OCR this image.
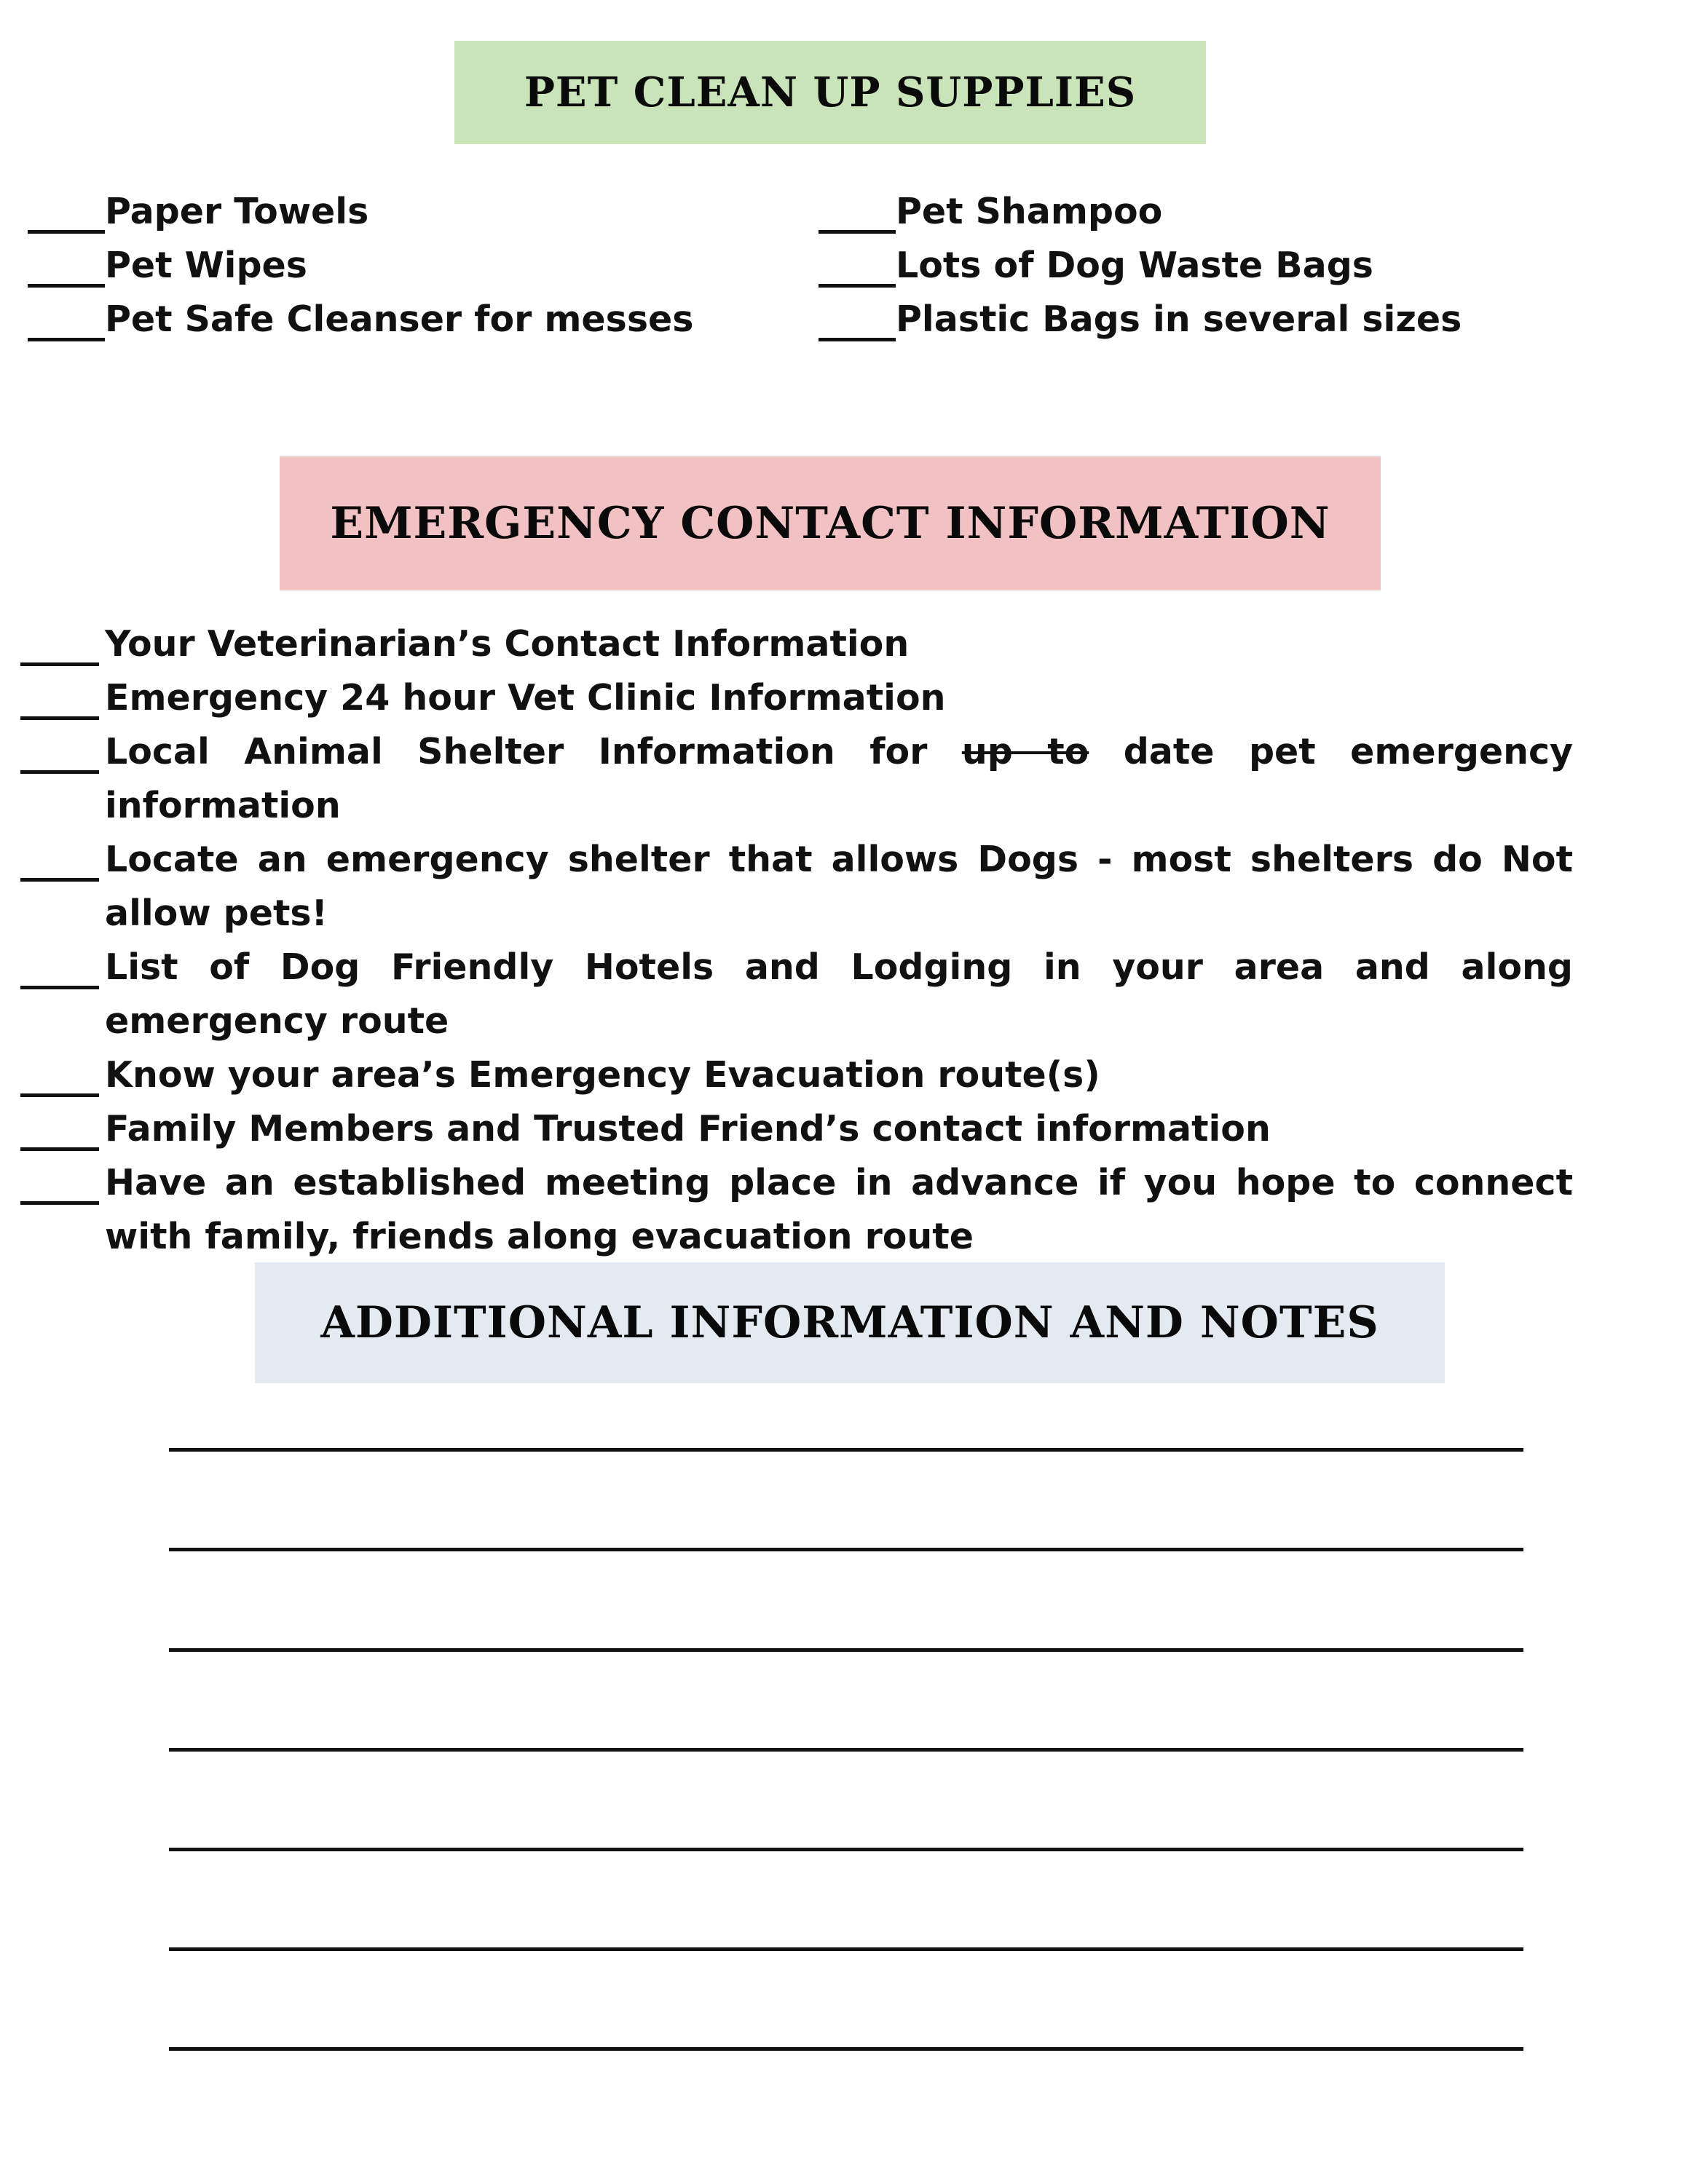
PET CLEAN UP SUPPLIES
Paper Towels
Pet Wipes
Pet Safe Cleanser for messes
Pet Shampoo
Lots of Dog Waste Bags
Plastic Bags in several sizes
EMERGENCY CONTACT INFORMATION
Your Veterinarian’s Contact Information
Emergency 24 hour Vet Clinic Information
Local Animal Shelter Information for up to date pet emergency information
Locate an emergency shelter that allows Dogs - most shelters do Not allow pets!
List of Dog Friendly Hotels and Lodging in your area and along emergency route
Know your area’s Emergency Evacuation route(s)
Family Members and Trusted Friend’s contact information
Have an established meeting place in advance if you hope to connect with family, friends along evacuation route
ADDITIONAL INFORMATION AND NOTES
